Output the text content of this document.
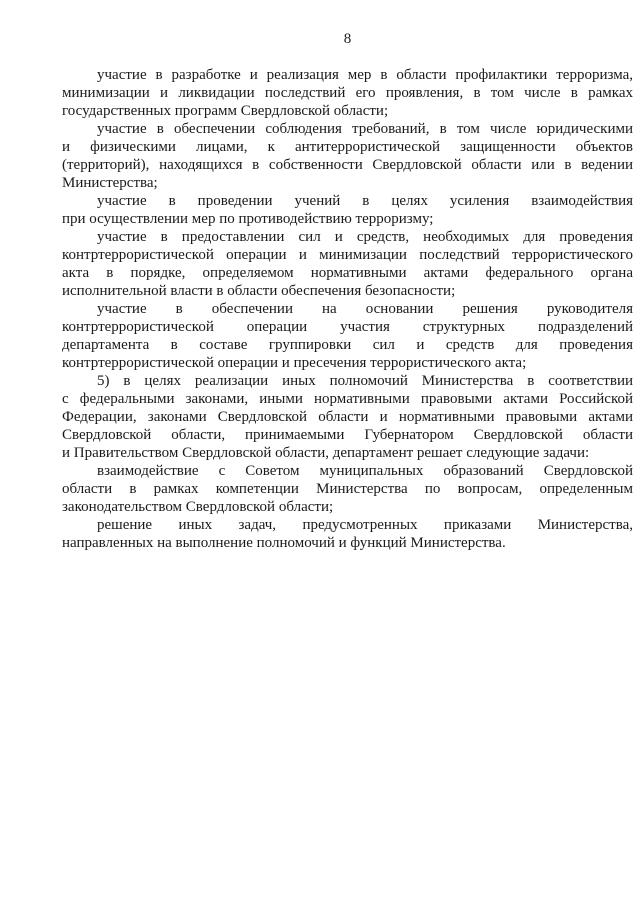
8
участие в разработке и реализация мер в области профилактики терроризма,
минимизации и ликвидации последствий его проявления, в том числе в рамках
государственных программ Свердловской области;
участие в обеспечении соблюдения требований, в том числе юридическими
и физическими лицами, к антитеррористической защищенности объектов
(территорий), находящихся в собственности Свердловской области или в ведении
Министерства;
участие в проведении учений в целях усиления взаимодействия
при осуществлении мер по противодействию терроризму;
участие в предоставлении сил и средств, необходимых для проведения
контртеррористической операции и минимизации последствий террористического
акта в порядке, определяемом нормативными актами федерального органа
исполнительной власти в области обеспечения безопасности;
участие в обеспечении на основании решения руководителя
контртеррористической операции участия структурных подразделений
департамента в составе группировки сил и средств для проведения
контртеррористической операции и пресечения террористического акта;
5) в целях реализации иных полномочий Министерства в соответствии
с федеральными законами, иными нормативными правовыми актами Российской
Федерации, законами Свердловской области и нормативными правовыми актами
Свердловской области, принимаемыми Губернатором Свердловской области
и Правительством Свердловской области, департамент решает следующие задачи:
взаимодействие с Советом муниципальных образований Свердловской
области в рамках компетенции Министерства по вопросам, определенным
законодательством Свердловской области;
решение иных задач, предусмотренных приказами Министерства,
направленных на выполнение полномочий и функций Министерства.
